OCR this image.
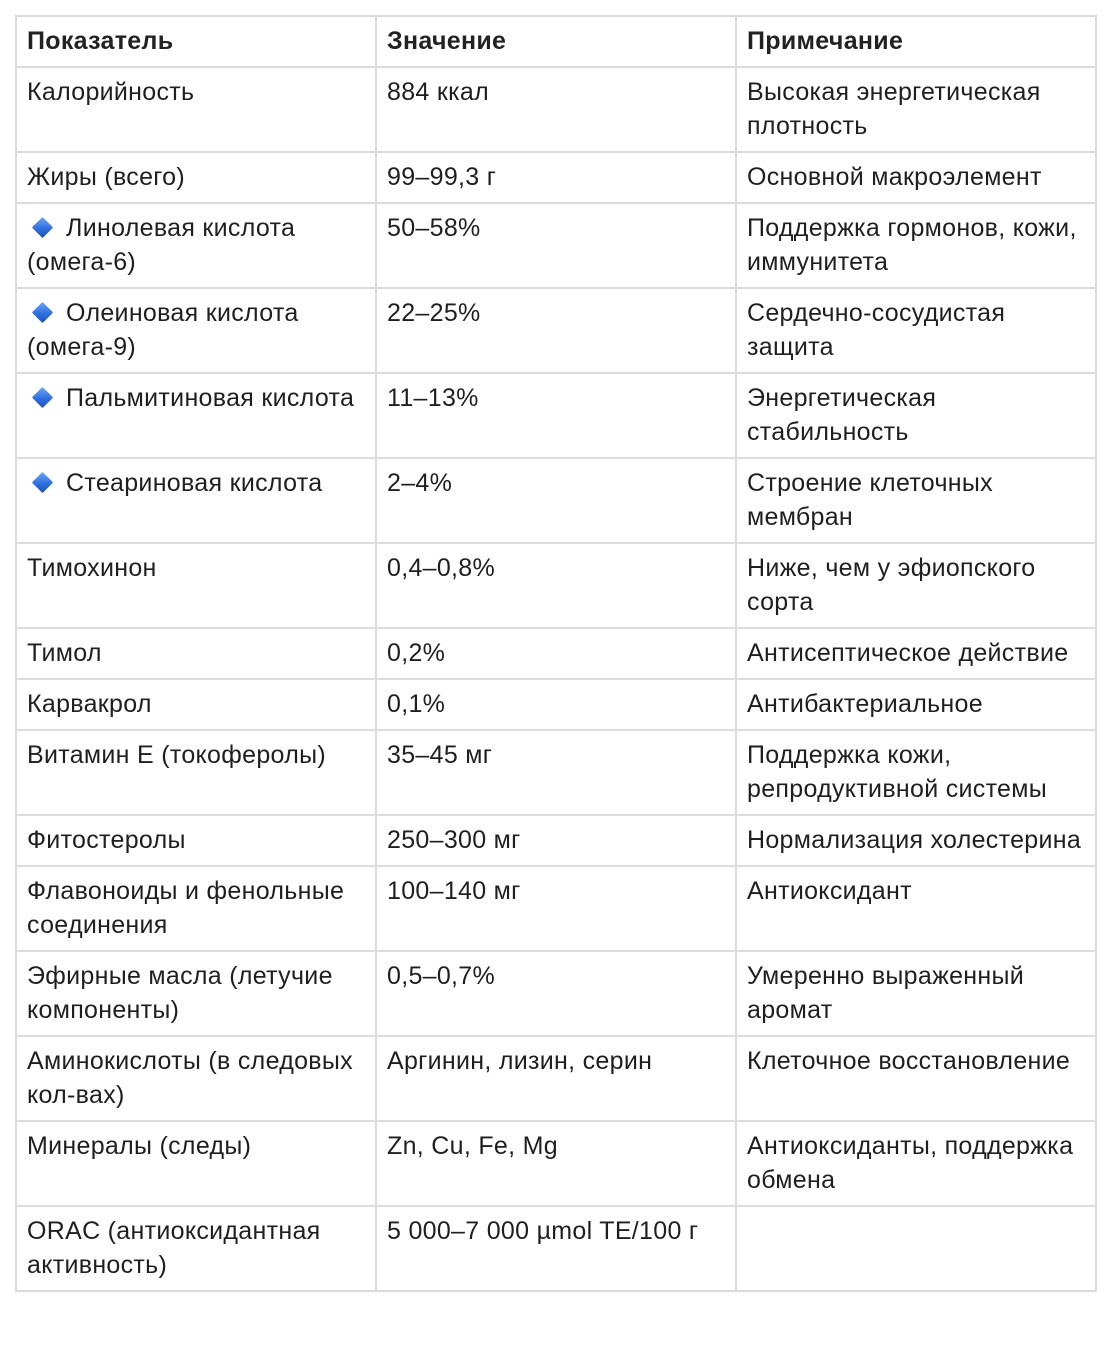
Показатель	Значение	Примечание
Калорийность	884 ккал	Высокая энергетическая плотность
Жиры (всего)	99–99,3 г	Основной макроэлемент
Линолевая кислота (омега-6)	50–58%	Поддержка гормонов, кожи, иммунитета
Олеиновая кислота (омега-9)	22–25%	Сердечно-сосудистая защита
Пальмитиновая кислота	11–13%	Энергетическая стабильность
Стеариновая кислота	2–4%	Строение клеточных мембран
Тимохинон	0,4–0,8%	Ниже, чем у эфиопского сорта
Тимол	0,2%	Антисептическое действие
Карвакрол	0,1%	Антибактериальное
Витамин E (токоферолы)	35–45 мг	Поддержка кожи, репродуктивной системы
Фитостеролы	250–300 мг	Нормализация холестерина
Флавоноиды и фенольные соединения	100–140 мг	Антиоксидант
Эфирные масла (летучие компоненты)	0,5–0,7%	Умеренно выраженный аромат
Аминокислоты (в следовых кол-вах)	Аргинин, лизин, серин	Клеточное восстановление
Минералы (следы)	Zn, Cu, Fe, Mg	Антиоксиданты, поддержка обмена
ORAC (антиоксидантная активность)	5 000–7 000 µmol TE/100 г	
